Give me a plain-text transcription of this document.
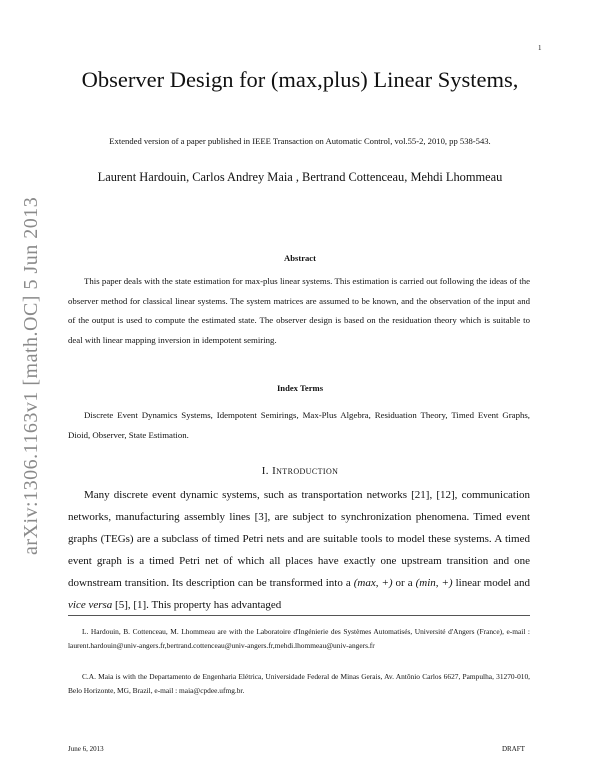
1
Observer Design for (max,plus) Linear Systems,
Extended version of a paper published in IEEE Transaction on Automatic Control, vol.55-2, 2010, pp 538-543.
Laurent Hardouin, Carlos Andrey Maia , Bertrand Cottenceau, Mehdi Lhommeau
arXiv:1306.1163v1 [math.OC] 5 Jun 2013	Abstract

This paper deals with the state estimation for max-plus linear systems. This estimation is carried out following the ideas of the observer method for classical linear systems. The system matrices are assumed to be known, and the observation of the input and of the output is used to compute the estimated state. The observer design is based on the residuation theory which is suitable to deal with linear mapping inversion in idempotent semiring.

Index Terms

Discrete Event Dynamics Systems, Idempotent Semirings, Max-Plus Algebra, Residuation Theory, Timed Event Graphs, Dioid, Observer, State Estimation.

I. Introduction

Many discrete event dynamic systems, such as transportation networks [21], [12], communication networks, manufacturing assembly lines [3], are subject to synchronization phenomena. Timed event graphs (TEGs) are a subclass of timed Petri nets and are suitable tools to model these systems. A timed event graph is a timed Petri net of which all places have exactly one upstream transition and one downstream transition. Its description can be transformed into a (max, +) or a (min, +) linear model and vice versa [5], [1]. This property has advantaged

L. Hardouin, B. Cottenceau, M. Lhommeau are with the Laboratoire d'Ingénierie des Systèmes Automatisés, Université d'Angers (France), e-mail : laurent.hardouin@univ-angers.fr,bertrand.cottenceau@univ-angers.fr,mehdi.lhommeau@univ-angers.fr

C.A. Maia is with the Departamento de Engenharia Elétrica, Universidade Federal de Minas Gerais, Av. Antônio Carlos 6627, Pampulha, 31270-010, Belo Horizonte, MG, Brazil, e-mail : maia@cpdee.ufmg.br.

June 6, 2013	DRAFT
